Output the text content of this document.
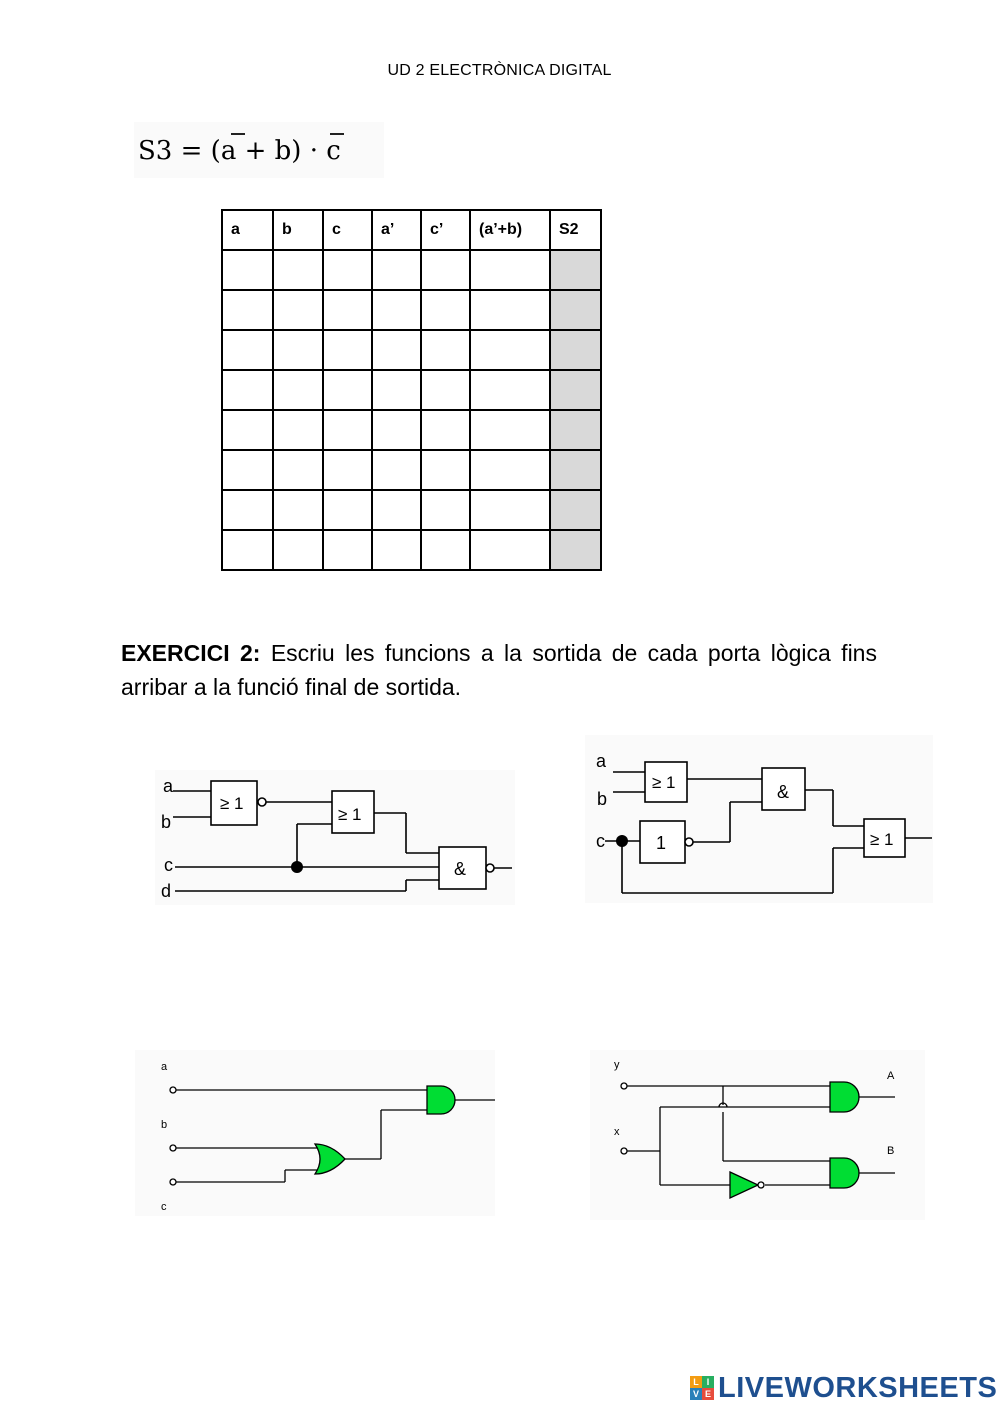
UD 2 ELECTRÒNICA DIGITAL
S3 = (a + b) · c
a	b	c	a’	c’	(a’+b)	S2

EXERCICI 2: Escriu les funcions a la sortida de cada porta lògica fins arribar a la funció final de sortida.
a
b
c
d
≥ 1
≥ 1
&
a
b
c
≥ 1
1
&
≥ 1
a
b
c
y
x
A
B
L I
V E LIVEWORKSHEETS
